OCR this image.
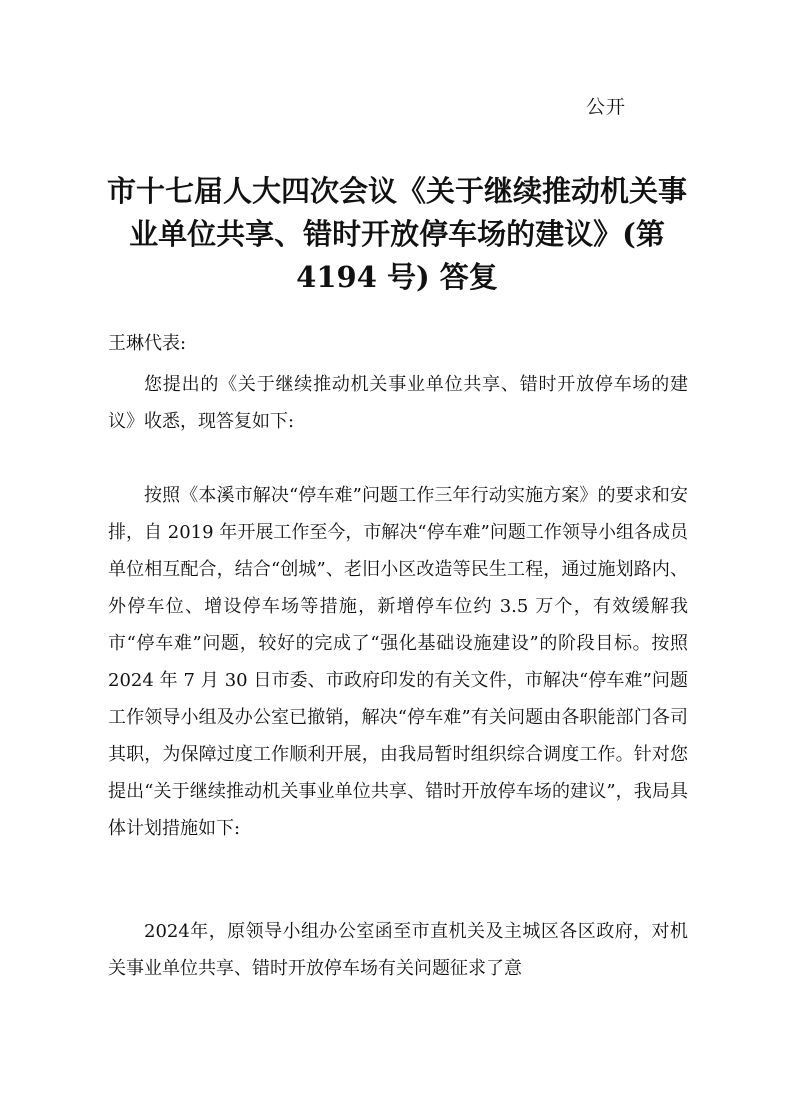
公开
市十七届人大四次会议《关于继续推动机关事
业单位共享、错时开放停车场的建议》(第
4194 号) 答复
王琳代表:

您提出的《关于继续推动机关事业单位共享、错时开放停车场的建议》收悉，现答复如下:

按照《本溪市解决“停车难”问题工作三年行动实施方案》的要求和安排，自 2019 年开展工作至今，市解决“停车难”问题工作领导小组各成员单位相互配合，结合“创城”、老旧小区改造等民生工程，通过施划路内、外停车位、增设停车场等措施，新增停车位约 3.5 万个，有效缓解我市“停车难”问题，较好的完成了“强化基础设施建设”的阶段目标。按照 2024 年 7 月 30 日市委、市政府印发的有关文件，市解决“停车难”问题工作领导小组及办公室已撤销，解决“停车难”有关问题由各职能部门各司其职，为保障过度工作顺利开展，由我局暂时组织综合调度工作。针对您提出“关于继续推动机关事业单位共享、错时开放停车场的建议”，我局具体计划措施如下:

2024年，原领导小组办公室函至市直机关及主城区各区政府，对机关事业单位共享、错时开放停车场有关问题征求了意
